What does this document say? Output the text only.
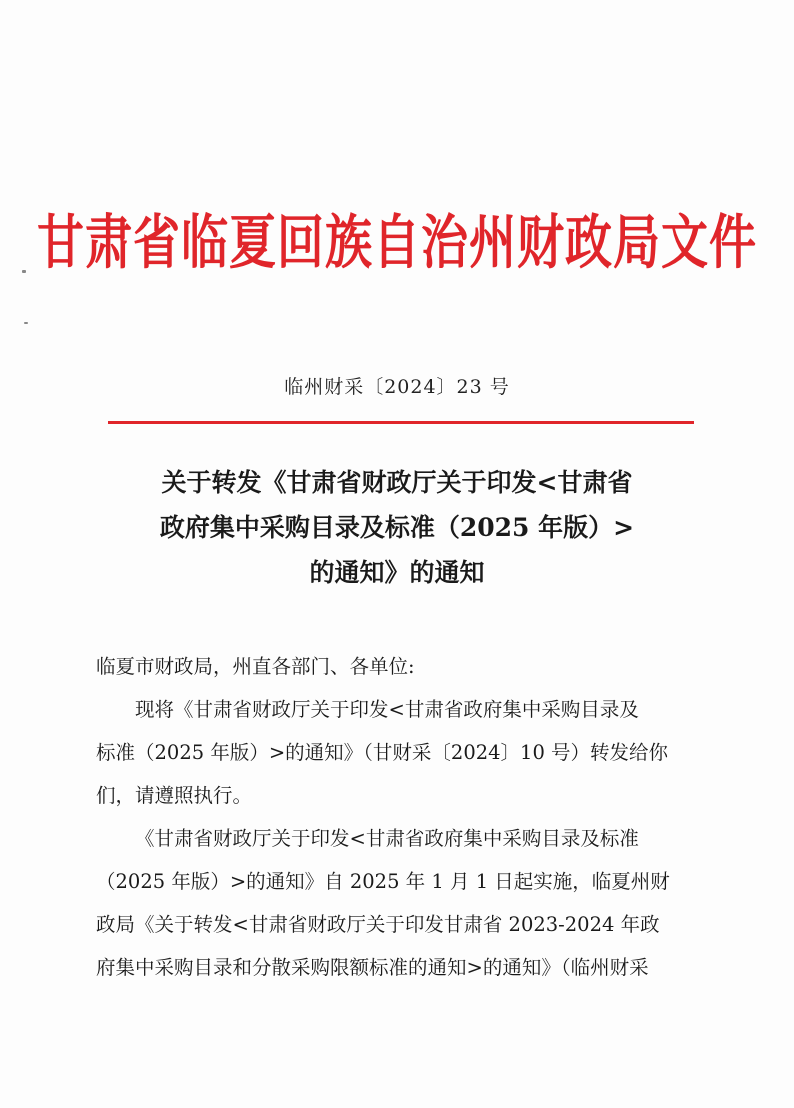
甘肃省临夏回族自治州财政局文件
临州财采〔2024〕23 号
关于转发《甘肃省财政厅关于印发<甘肃省
政府集中采购目录及标准（2025 年版）>
的通知》的通知
临夏市财政局，州直各部门、各单位:
现将《甘肃省财政厅关于印发<甘肃省政府集中采购目录及
标准（2025 年版）>的通知》（甘财采〔2024〕10 号）转发给你
们，请遵照执行。
《甘肃省财政厅关于印发<甘肃省政府集中采购目录及标准
（2025 年版）>的通知》自 2025 年 1 月 1 日起实施，临夏州财
政局《关于转发<甘肃省财政厅关于印发甘肃省 2023-2024 年政
府集中采购目录和分散采购限额标准的通知>的通知》（临州财采
